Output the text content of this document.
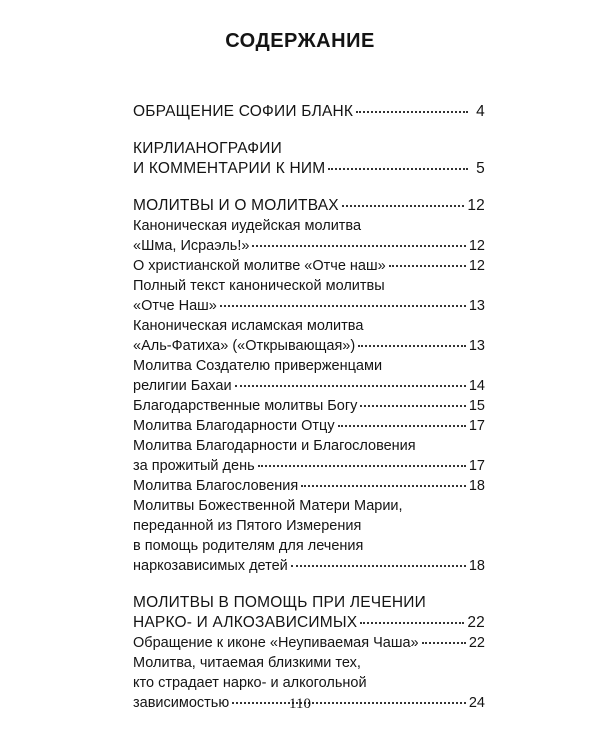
СОДЕРЖАНИЕ
ОБРАЩЕНИЕ СОФИИ БЛАНК	4
КИРЛИАНОГРАФИИ
И КОММЕНТАРИИ К НИМ	5
МОЛИТВЫ И О МОЛИТВАХ	12
Каноническая иудейская молитва
«Шма, Исраэль!»	12
О христианской молитве «Отче наш»	12
Полный текст канонической молитвы
«Отче Наш»	13
Каноническая исламская молитва
«Аль-Фатиха» («Открывающая»)	13
Молитва Создателю приверженцами
религии Бахаи	14
Благодарственные молитвы Богу	15
Молитва Благодарности Отцу	17
Молитва Благодарности и Благословения
за прожитый день	17
Молитва Благословения	18
Молитвы Божественной Матери Марии,
переданной из Пятого Измерения
в помощь родителям для лечения
наркозависимых детей	18
МОЛИТВЫ В ПОМОЩЬ ПРИ ЛЕЧЕНИИ
НАРКО- И АЛКОЗАВИСИМЫХ	22
Обращение к иконе «Неупиваемая Чаша»	22
Молитва, читаемая близкими тех,
кто страдает нарко- и алкогольной
зависимостью	24
110
